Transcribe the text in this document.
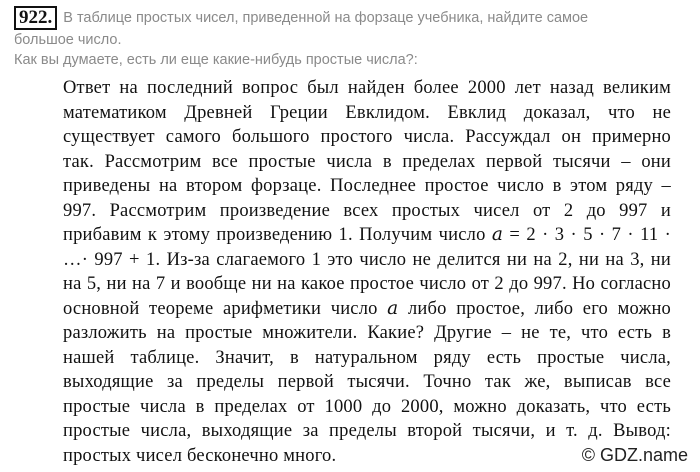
922. В таблице простых чисел, приведенной на форзаце учебника, найдите самое
большое число.
Как вы думаете, есть ли еще какие-нибудь простые числа?:
Ответ на последний вопрос был найден более 2000 лет назад великим
математиком Древней Греции Евклидом. Евклид доказал, что не
существует самого большого простого числа. Рассуждал он примерно
так. Рассмотрим все простые числа в пределах первой тысячи – они
приведены на втором форзаце. Последнее простое число в этом ряду –
997. Рассмотрим произведение всех простых чисел от 2 до 997 и
прибавим к этому произведению 1. Получим число 𝑎 = 2 · 3 · 5 · 7 · 11 ·
…· 997 + 1. Из-за слагаемого 1 это число не делится ни на 2, ни на 3, ни
на 5, ни на 7 и вообще ни на какое простое число от 2 до 997. Но согласно
основной теореме арифметики число 𝑎 либо простое, либо его можно
разложить на простые множители. Какие? Другие – не те, что есть в
нашей таблице. Значит, в натуральном ряду есть простые числа,
выходящие за пределы первой тысячи. Точно так же, выписав все
простые числа в пределах от 1000 до 2000, можно доказать, что есть
простые числа, выходящие за пределы второй тысячи, и т. д. Вывод:
простых чисел бесконечно много.	© GDZ.name
